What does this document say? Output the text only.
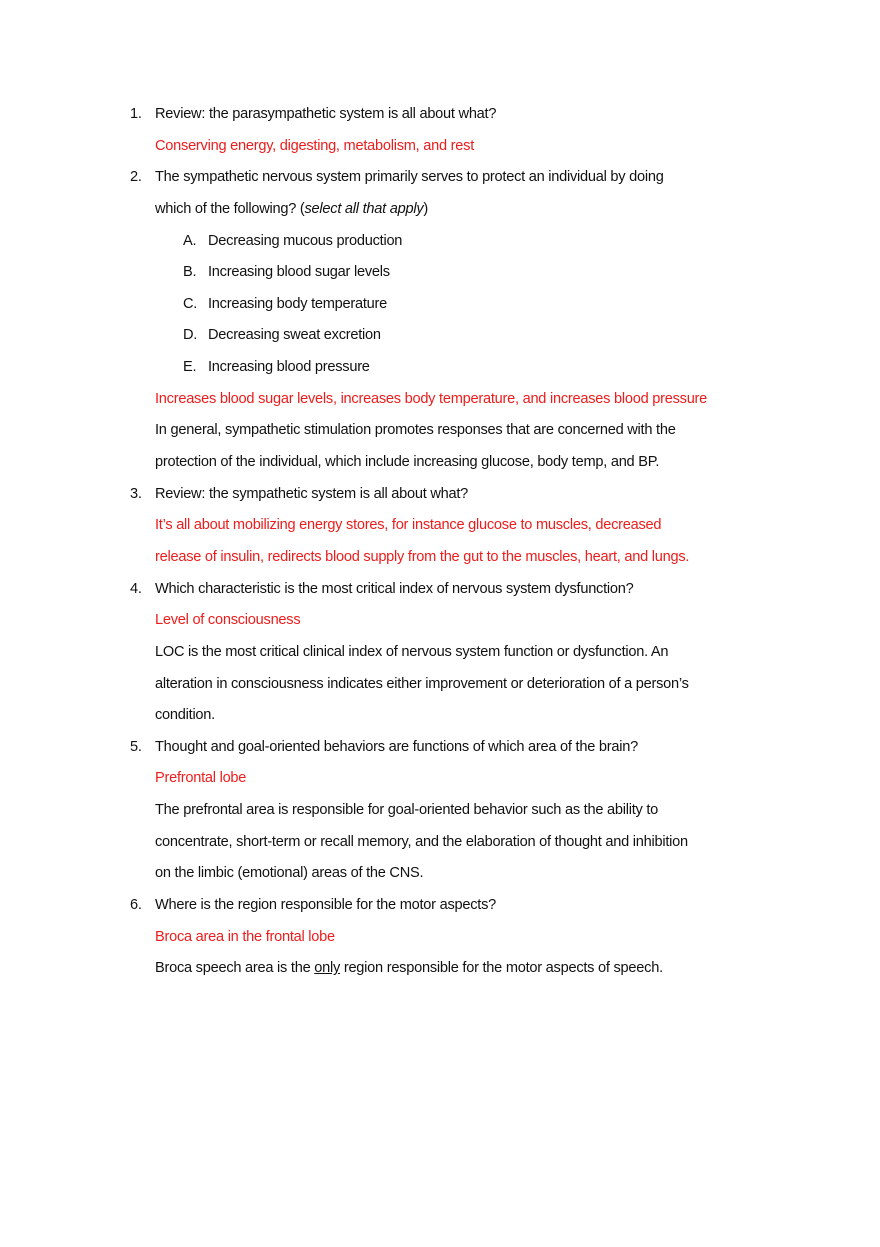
1. Review: the parasympathetic system is all about what?
Conserving energy, digesting, metabolism, and rest
2. The sympathetic nervous system primarily serves to protect an individual by doing
which of the following? (select all that apply)
A. Decreasing mucous production
B. Increasing blood sugar levels
C. Increasing body temperature
D. Decreasing sweat excretion
E. Increasing blood pressure
Increases blood sugar levels, increases body temperature, and increases blood pressure
In general, sympathetic stimulation promotes responses that are concerned with the
protection of the individual, which include increasing glucose, body temp, and BP.
3. Review: the sympathetic system is all about what?
It’s all about mobilizing energy stores, for instance glucose to muscles, decreased
release of insulin, redirects blood supply from the gut to the muscles, heart, and lungs.
4. Which characteristic is the most critical index of nervous system dysfunction?
Level of consciousness
LOC is the most critical clinical index of nervous system function or dysfunction. An
alteration in consciousness indicates either improvement or deterioration of a person’s
condition.
5. Thought and goal-oriented behaviors are functions of which area of the brain?
Prefrontal lobe
The prefrontal area is responsible for goal-oriented behavior such as the ability to
concentrate, short-term or recall memory, and the elaboration of thought and inhibition
on the limbic (emotional) areas of the CNS.
6. Where is the region responsible for the motor aspects?
Broca area in the frontal lobe
Broca speech area is the only region responsible for the motor aspects of speech.
